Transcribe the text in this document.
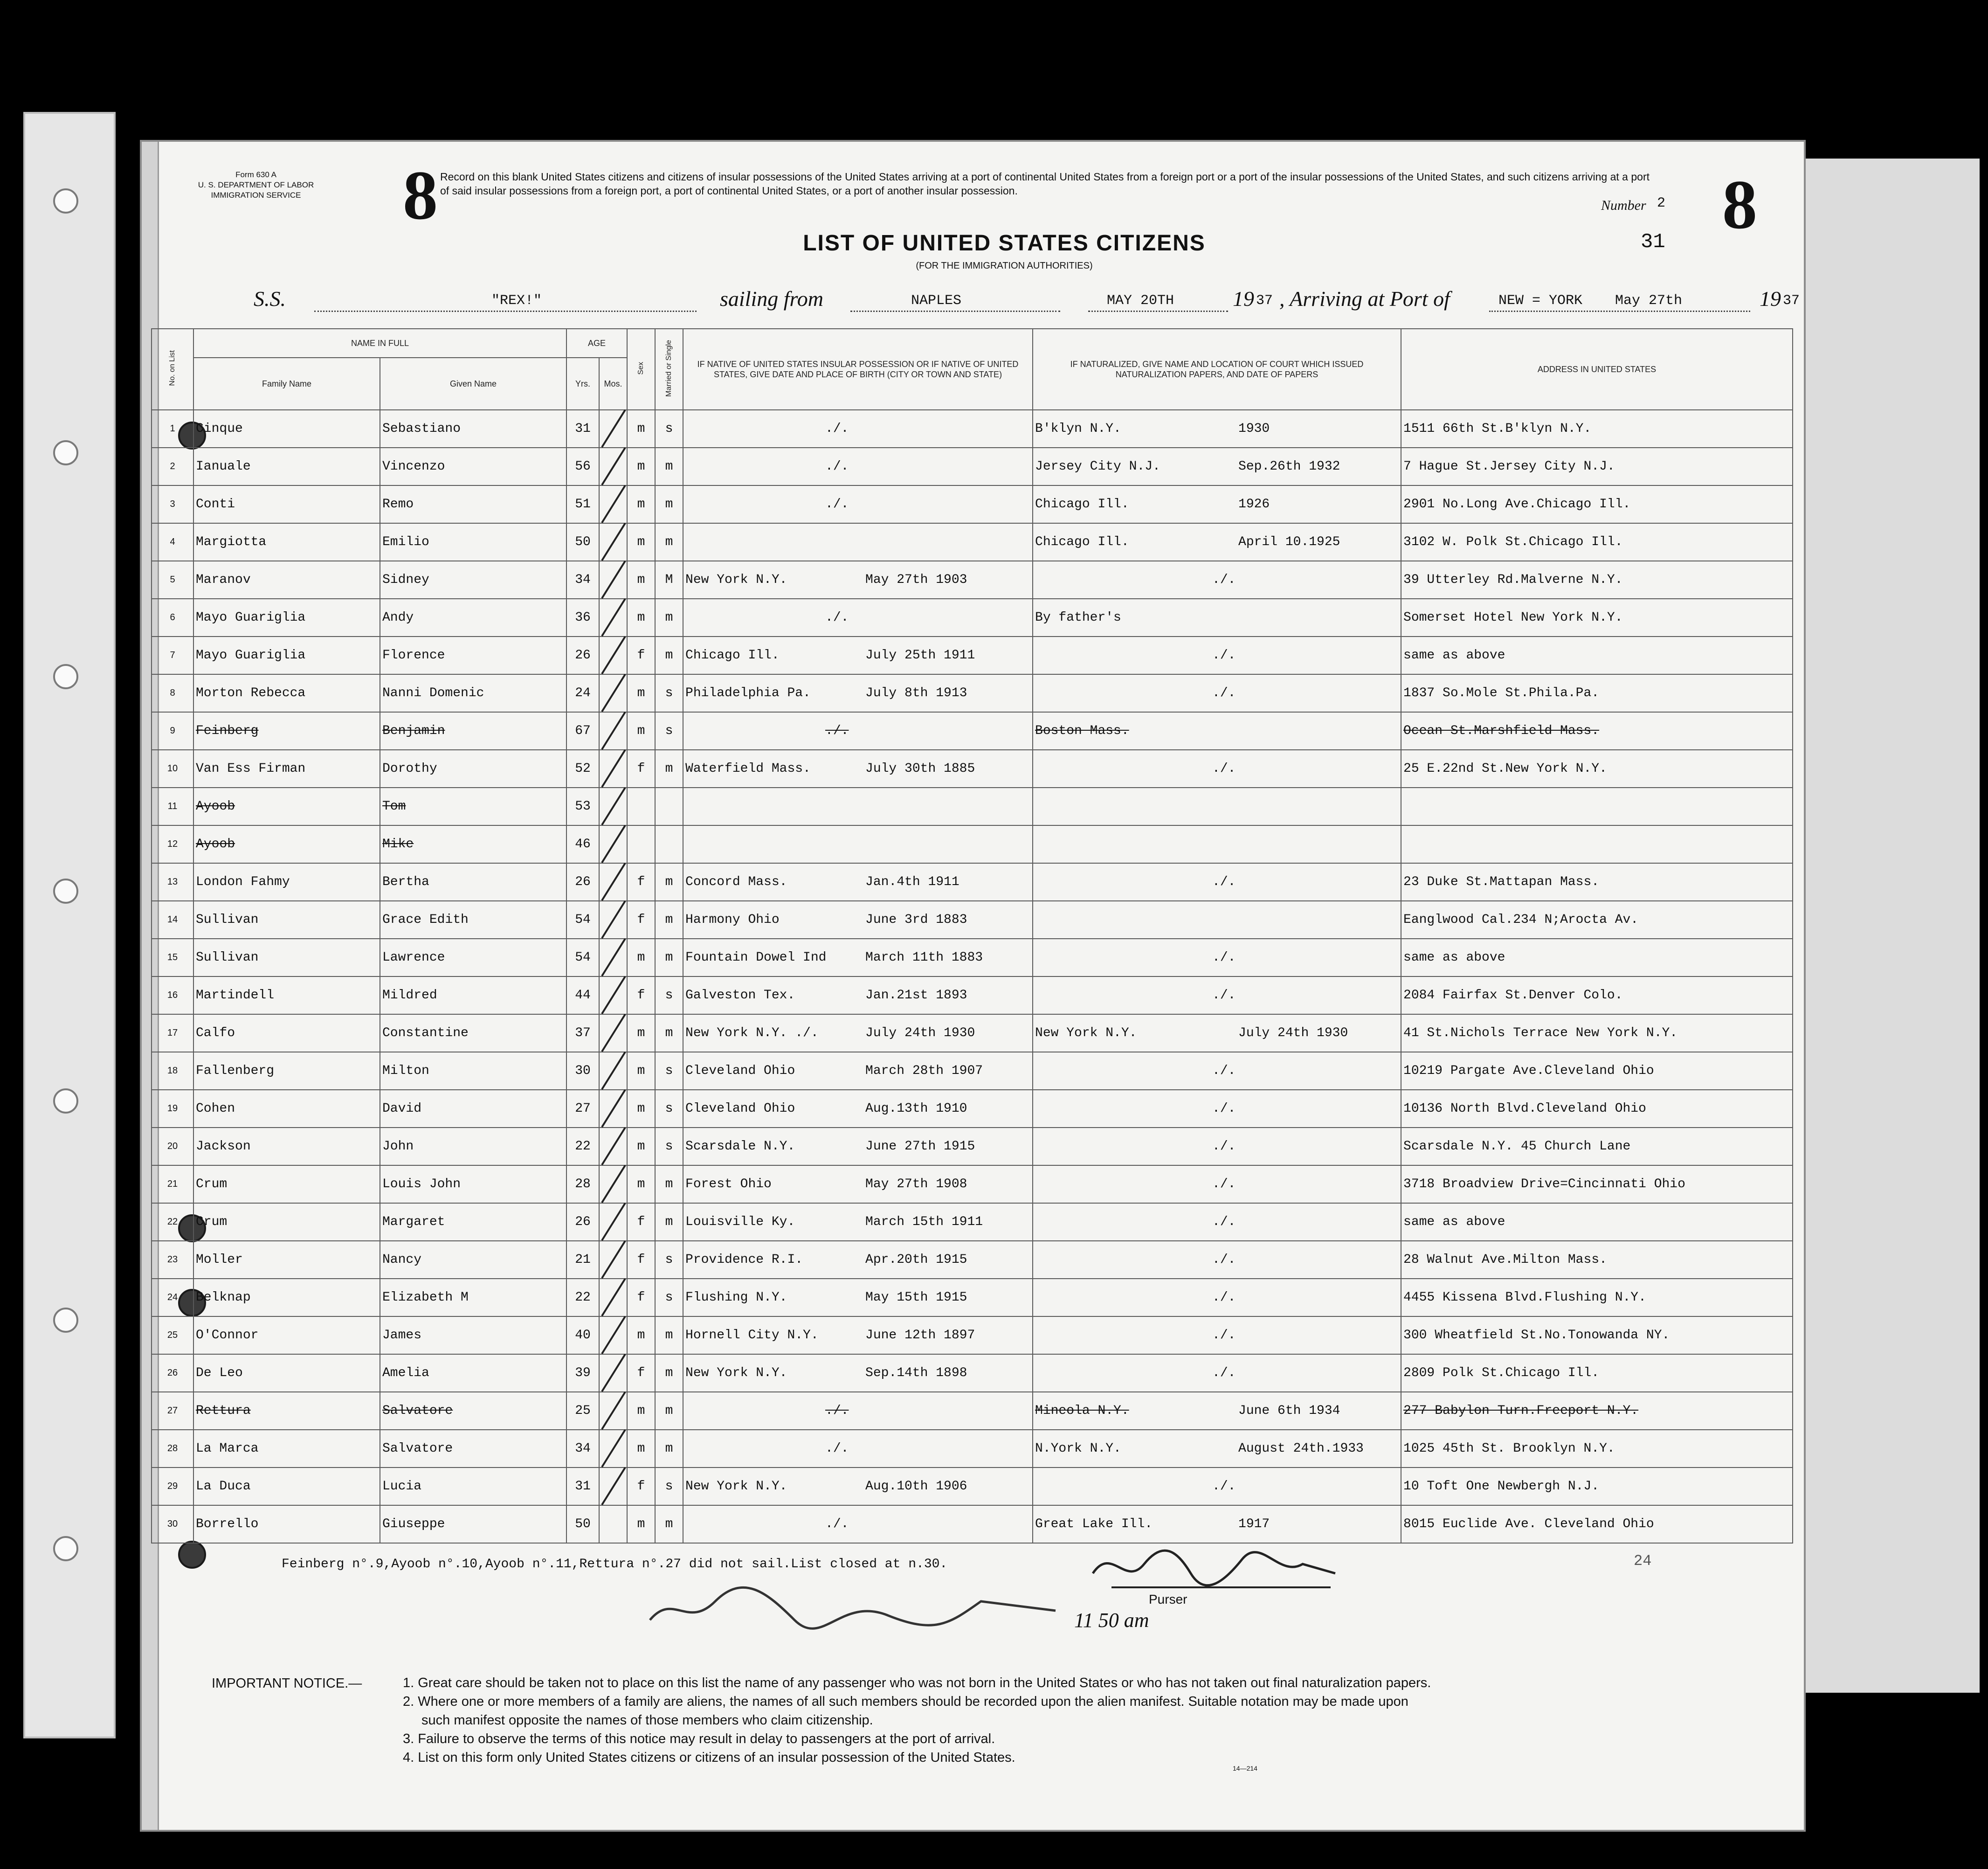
Form 630 A
U. S. DEPARTMENT OF LABOR
IMMIGRATION SERVICE	8 Record on this blank United States citizens and citizens of insular possessions of the United States arriving at a port of continental United States from a foreign port or a port of the insular possessions of the United States, and such citizens arriving at a port of said insular possessions from a foreign port, a port of continental United States, or a port of another insular possession.
Number 2 8
31
LIST OF UNITED STATES CITIZENS
(FOR THE IMMIGRATION AUTHORITIES)
S.S.	"REX!"	sailing from	NAPLES	MAY 20TH	19 37 , Arriving at Port of	NEW = YORK May 27th	19 37
No. on List	NAME IN FULL		AGE		Sex	Married or Single	IF NATIVE OF UNITED STATES INSULAR POSSESSION OR IF NATIVE OF UNITED STATES, GIVE DATE AND PLACE OF BIRTH (CITY OR TOWN AND STATE)	IF NATURALIZED, GIVE NAME AND LOCATION OF COURT WHICH ISSUED NATURALIZATION PAPERS, AND DATE OF PAPERS	ADDRESS IN UNITED STATES
	Family Name	Given Name	Yrs.	Mos.					
1	Cinque	Sebastiano	31		m	s	./.	B'klyn N.Y. 1930	1511 66th St.B'klyn N.Y.
2	Ianuale	Vincenzo	56		m	m	./.	Jersey City N.J. Sep.26th 1932	7 Hague St.Jersey City N.J.
3	Conti	Remo	51		m	m	./.	Chicago Ill. 1926	2901 No.Long Ave.Chicago Ill.
4	Margiotta	Emilio	50		m	m		Chicago Ill. April 10.1925	3102 W. Polk St.Chicago Ill.
5	Maranov	Sidney	34		m	M	New York N.Y. May 27th 1903	./.	39 Utterley Rd.Malverne N.Y.
6	Mayo Guariglia	Andy	36		m	m	./.	By father's	Somerset Hotel New York N.Y.
7	Mayo Guariglia	Florence	26		f	m	Chicago Ill. July 25th 1911	./.	same as above
8	Morton Rebecca	Nanni Domenic	24		m	s	Philadelphia Pa. July 8th 1913	./.	1837 So.Mole St.Phila.Pa.
9	Feinberg	Benjamin	67		m	s	./.	Boston Mass.	Ocean St.Marshfield Mass.
10	Van Ess Firman	Dorothy	52		f	m	Waterfield Mass. July 30th 1885	./.	25 E.22nd St.New York N.Y.
11	Ayoob	Tom	53	

12	Ayoob	Mike	46	

13	London Fahmy	Bertha	26		f	m	Concord Mass. Jan.4th 1911	./.	23 Duke St.Mattapan Mass.
14	Sullivan	Grace Edith	54		f	m	Harmony Ohio June 3rd 1883		Eanglwood Cal.234 N;Arocta Av.
15	Sullivan	Lawrence	54		m	m	Fountain Dowel Ind March 11th 1883	./.	same as above
16	Martindell	Mildred	44		f	s	Galveston Tex. Jan.21st 1893	./.	2084 Fairfax St.Denver Colo.
17	Calfo	Constantine	37		m	m	New York N.Y. ./. July 24th 1930	New York N.Y. July 24th 1930	41 St.Nichols Terrace New York N.Y.
18	Fallenberg	Milton	30		m	s	Cleveland Ohio March 28th 1907	./.	10219 Pargate Ave.Cleveland Ohio
19	Cohen	David	27		m	s	Cleveland Ohio Aug.13th 1910	./.	10136 North Blvd.Cleveland Ohio
20	Jackson	John	22		m	s	Scarsdale N.Y. June 27th 1915	./.	Scarsdale N.Y. 45 Church Lane
21	Crum	Louis John	28		m	m	Forest Ohio May 27th 1908	./.	3718 Broadview Drive=Cincinnati Ohio
22	Crum	Margaret	26		f	m	Louisville Ky. March 15th 1911	./.	same as above
23	Moller	Nancy	21		f	s	Providence R.I. Apr.20th 1915	./.	28 Walnut Ave.Milton Mass.
24	Belknap	Elizabeth M	22		f	s	Flushing N.Y. May 15th 1915	./.	4455 Kissena Blvd.Flushing N.Y.
25	O'Connor	James	40		m	m	Hornell City N.Y. June 12th 1897	./.	300 Wheatfield St.No.Tonowanda NY.
26	De Leo	Amelia	39		f	m	New York N.Y. Sep.14th 1898	./.	2809 Polk St.Chicago Ill.
27	Rettura	Salvatore	25		m	m	./.	Mineola N.Y. June 6th 1934	277 Babylon Turn.Freeport N.Y.
28	La Marca	Salvatore	34		m	m	./.	N.York N.Y. August 24th.1933	1025 45th St. Brooklyn N.Y.
29	La Duca	Lucia	31		f	s	New York N.Y. Aug.10th 1906	./.	10 Toft One Newbergh N.J.
30	Borrello	Giuseppe	50		m	m	./.	Great Lake Ill. 1917	8015 Euclide Ave. Cleveland Ohio
Feinberg n°.9,Ayoob n°.10,Ayoob n°.11,Rettura n°.27 did not sail.List closed at n.30.
Purser
11 50 am
24
IMPORTANT NOTICE.—	1. Great care should be taken not to place on this list the name of any passenger who was not born in the United States or who has not taken out final naturalization papers.
2. Where one or more members of a family are aliens, the names of all such members should be recorded upon the alien manifest. Suitable notation may be made upon
such manifest opposite the names of those members who claim citizenship.
3. Failure to observe the terms of this notice may result in delay to passengers at the port of arrival.
4. List on this form only United States citizens or citizens of an insular possession of the United States.
14—214
